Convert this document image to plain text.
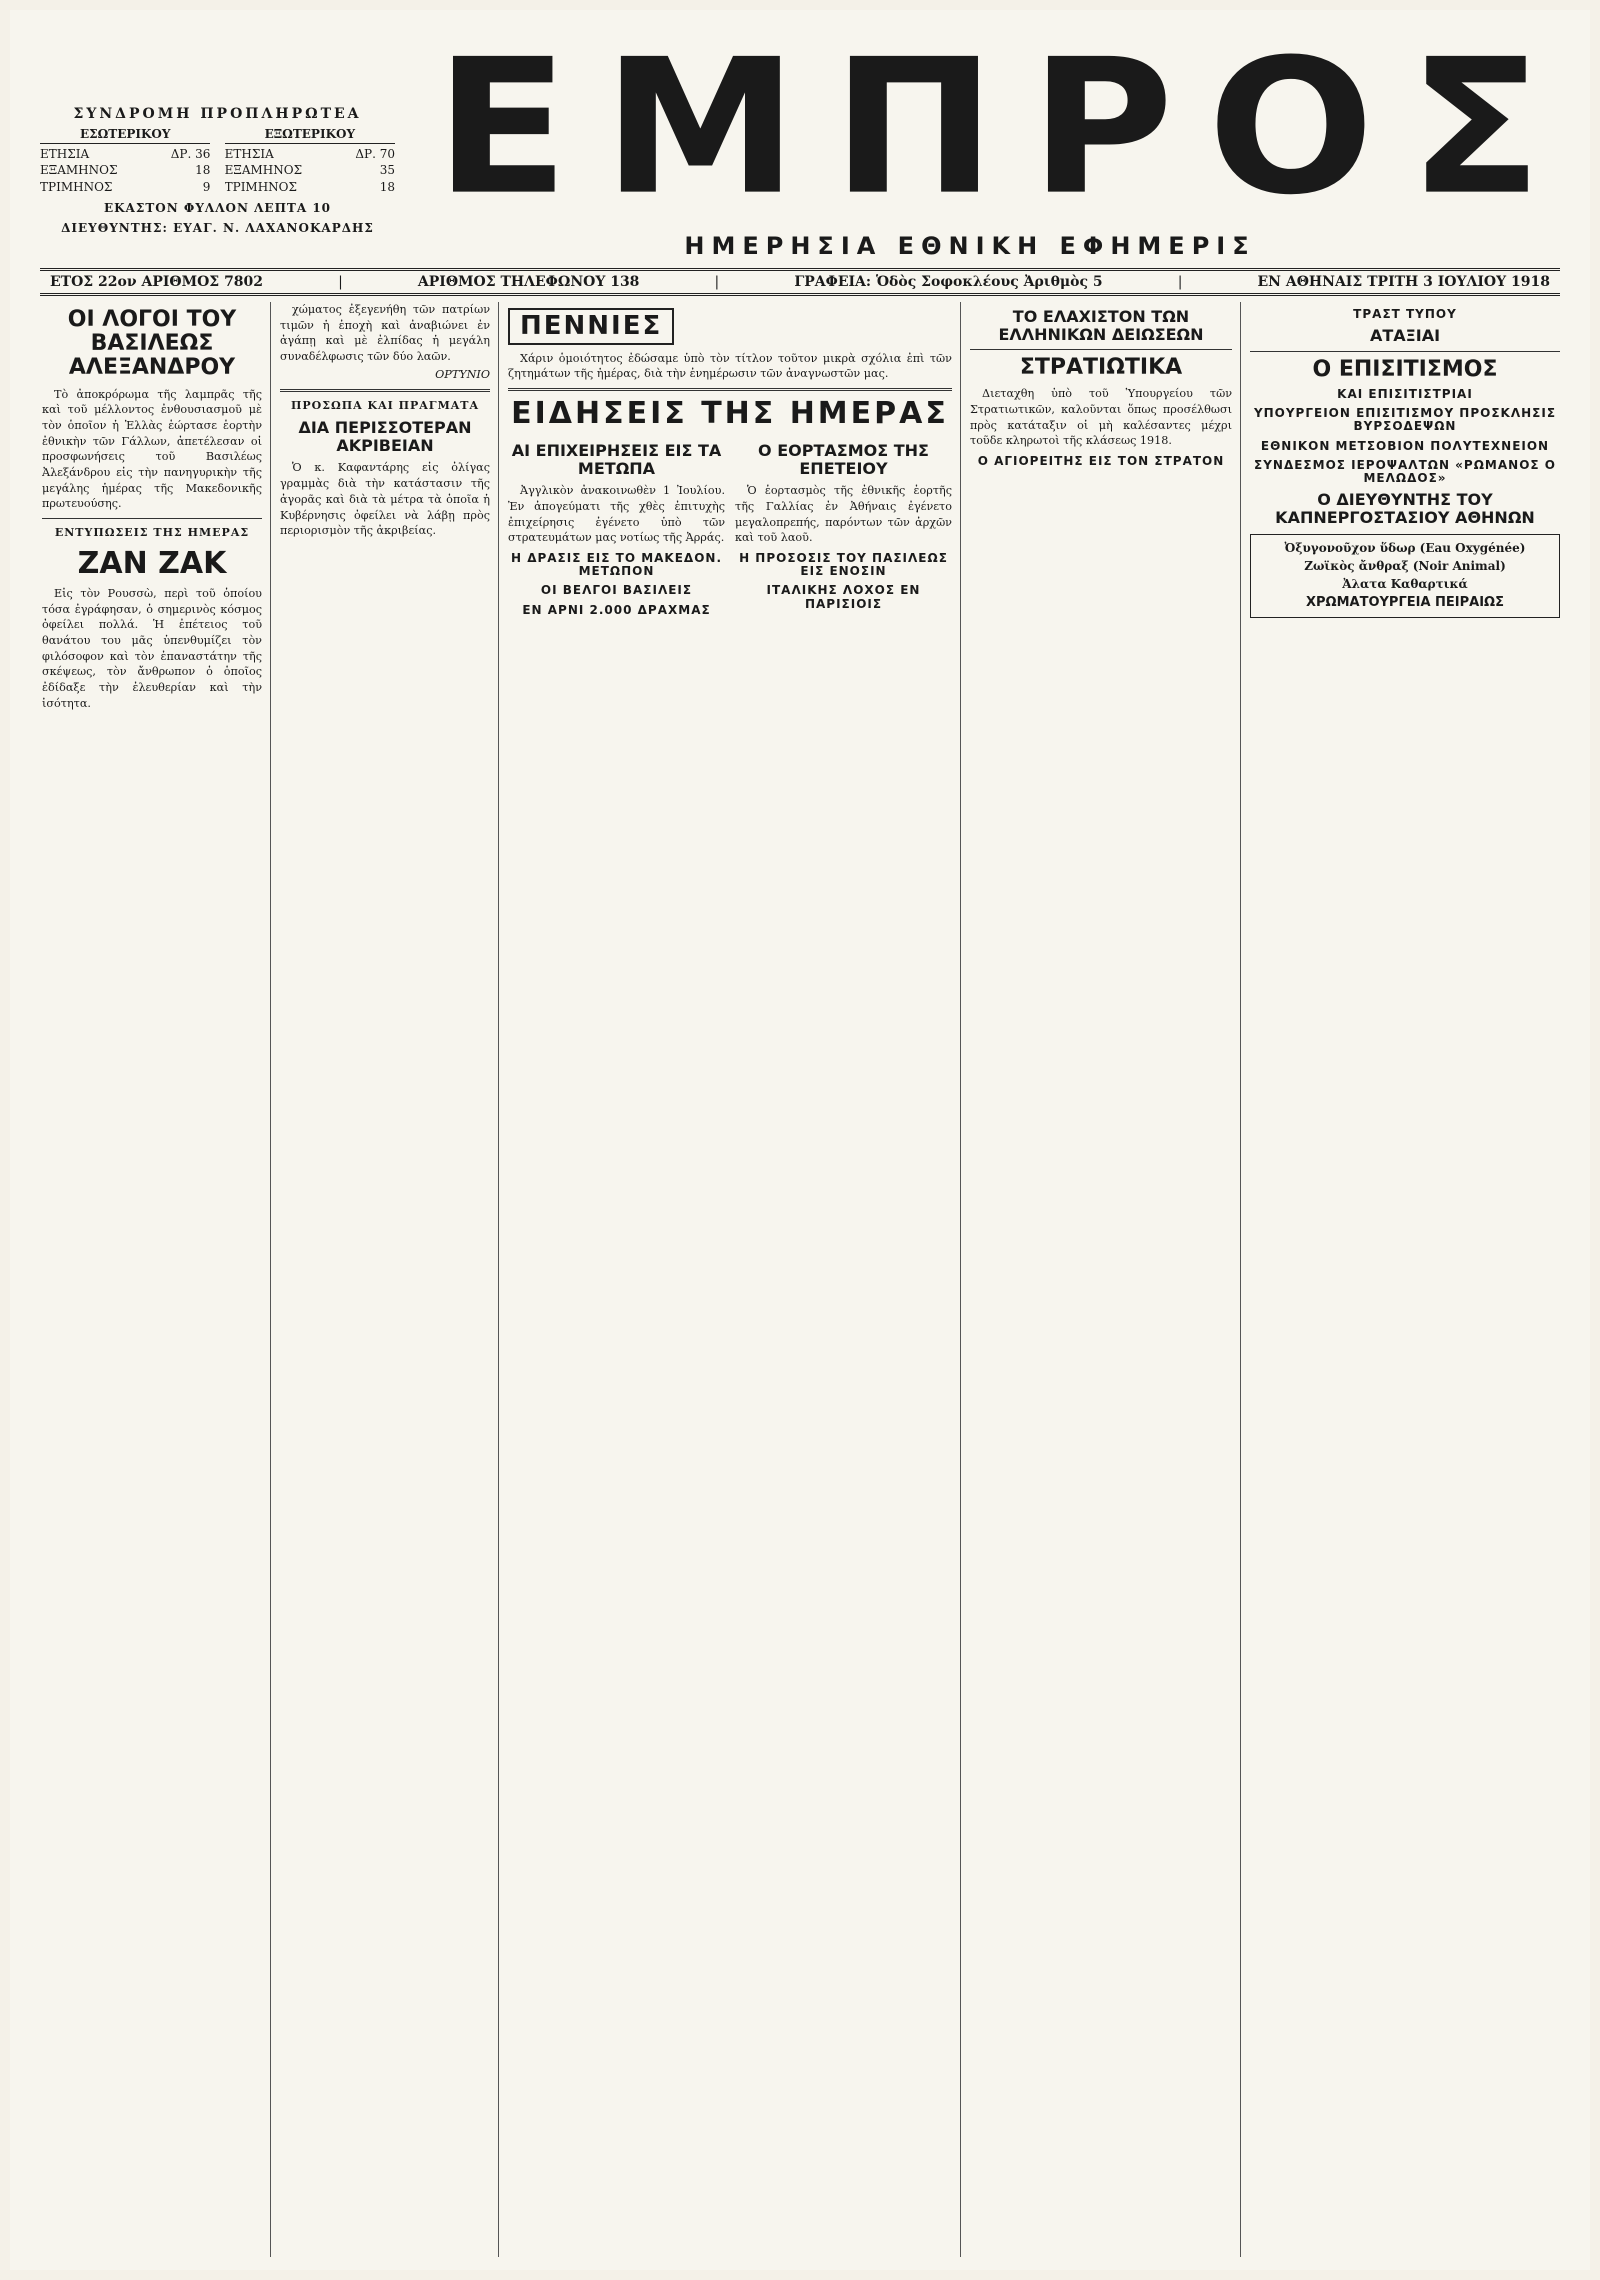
ΣΥΝΔΡΟΜΗ ΠΡΟΠΛΗΡΩΤΕΑ
ΕΣΩΤΕΡΙΚΟΥ
ΕΤΗΣΙΑ	ΔΡ. 36
ΕΞΑΜΗΝΟΣ	18
ΤΡΙΜΗΝΟΣ	9
ΕΞΩΤΕΡΙΚΟΥ
ΕΤΗΣΙΑ	ΔΡ. 70
ΕΞΑΜΗΝΟΣ	35
ΤΡΙΜΗΝΟΣ	18
ΕΚΑΣΤΟΝ ΦΥΛΛΟΝ ΛΕΠΤΑ 10
ΔΙΕΥΘΥΝΤΗΣ: ΕΥΑΓ. Ν. ΛΑΧΑΝΟΚΑΡΔΗΣ ΕΜΠΡΟΣ
ΗΜΕΡΗΣΙΑ ΕΘΝΙΚΗ ΕΦΗΜΕΡΙΣ
ΕΤΟΣ 22ον ΑΡΙΘΜΟΣ 7802	|	ΑΡΙΘΜΟΣ ΤΗΛΕΦΩΝΟΥ 138	|	ΓΡΑΦΕΙΑ: Ὁδὸς Σοφοκλέους Ἀριθμὸς 5	|	ΕΝ ΑΘΗΝΑΙΣ ΤΡΙΤΗ 3 ΙΟΥΛΙΟΥ 1918
ΟΙ ΛΟΓΟΙ ΤΟΥ ΒΑΣΙΛΕΩΣ ΑΛΕΞΑΝΔΡΟΥ

Τὸ ἀποκρόρωμα τῆς λαμπρᾶς τῆς καὶ τοῦ μέλλοντος ἐνθουσιασμοῦ μὲ τὸν ὁποῖον ἡ Ἑλλὰς ἑώρτασε ἑορτὴν ἐθνικὴν τῶν Γάλλων, ἀπετέλεσαν οἱ προσφωνήσεις τοῦ Βασιλέως Ἀλεξάνδρου εἰς τὴν πανηγυρικὴν τῆς μεγάλης ἡμέρας τῆς Μακεδονικῆς πρωτευούσης.

ΕΝΤΥΠΩΣΕΙΣ ΤΗΣ ΗΜΕΡΑΣ
ΖΑΝ ΖΑΚ

Εἰς τὸν Ρουσσὼ, περὶ τοῦ ὁποίου τόσα ἐγράφησαν, ὁ σημερινὸς κόσμος ὀφείλει πολλά. Ἡ ἐπέτειος τοῦ θανάτου του μᾶς ὑπενθυμίζει τὸν φιλόσοφον καὶ τὸν ἐπαναστάτην τῆς σκέψεως, τὸν ἄνθρωπον ὁ ὁποῖος ἐδίδαξε τὴν ἐλευθερίαν καὶ τὴν ἰσότητα.

χώματος ἐξεγενήθη τῶν πατρίων τιμῶν ἡ ἐποχὴ καὶ ἀναβιώνει ἐν ἀγάπῃ καὶ μὲ ἐλπίδας ἡ μεγάλη συναδέλφωσις τῶν δύο λαῶν.

ΟΡΤΥΝΙΟ
ΠΡΟΣΩΠΑ ΚΑΙ ΠΡΑΓΜΑΤΑ
ΔΙΑ ΠΕΡΙΣΣΟΤΕΡΑΝ ΑΚΡΙΒΕΙΑΝ

Ὁ κ. Καφαντάρης εἰς ὀλίγας γραμμὰς διὰ τὴν κατάστασιν τῆς ἀγορᾶς καὶ διὰ τὰ μέτρα τὰ ὁποῖα ἡ Κυβέρνησις ὀφείλει νὰ λάβῃ πρὸς περιορισμὸν τῆς ἀκριβείας.

ΠΕΝΝΙΕΣ

Χάριν ὁμοιότητος ἐδώσαμε ὑπὸ τὸν τίτλον τοῦτον μικρὰ σχόλια ἐπὶ τῶν ζητημάτων τῆς ἡμέρας, διὰ τὴν ἐνημέρωσιν τῶν ἀναγνωστῶν μας.

ΕΙΔΗΣΕΙΣ ΤΗΣ ΗΜΕΡΑΣ
ΑΙ ΕΠΙΧΕΙΡΗΣΕΙΣ ΕΙΣ ΤΑ ΜΕΤΩΠΑ

Ἀγγλικὸν ἀνακοινωθὲν 1 Ἰουλίου. Ἐν ἀπογεύματι τῆς χθὲς ἐπιτυχὴς ἐπιχείρησις ἐγένετο ὑπὸ τῶν στρατευμάτων μας νοτίως τῆς Ἀρράς.

Η ΔΡΑΣΙΣ ΕΙΣ ΤΟ ΜΑΚΕΔΟΝ. ΜΕΤΩΠΟΝ
ΟΙ ΒΕΛΓΟΙ ΒΑΣΙΛΕΙΣ
ΕΝ ΑΡΝΙ 2.000 ΔΡΑΧΜΑΣ
Ο ΕΟΡΤΑΣΜΟΣ ΤΗΣ ΕΠΕΤΕΙΟΥ

Ὁ ἑορτασμὸς τῆς ἐθνικῆς ἑορτῆς τῆς Γαλλίας ἐν Ἀθήναις ἐγένετο μεγαλοπρεπής, παρόντων τῶν ἀρχῶν καὶ τοῦ λαοῦ.

Η ΠΡΟΣΟΣΙΣ ΤΟΥ ΠΑΣΙΛΕΩΣ ΕΙΣ ΕΝΟΣΙΝ
ΙΤΑΛΙΚΗΣ ΛΟΧΟΣ ΕΝ ΠΑΡΙΣΙΟΙΣ
ΤΟ ΕΛΑΧΙΣΤΟΝ ΤΩΝ ΕΛΛΗΝΙΚΩΝ ΔΕΙΩΣΕΩΝ
ΣΤΡΑΤΙΩΤΙΚΑ

Διεταχθη ὑπὸ τοῦ Ὑπουργείου τῶν Στρατιωτικῶν, καλοῦνται ὅπως προσέλθωσι πρὸς κατάταξιν οἱ μὴ καλέσαντες μέχρι τοῦδε κληρωτοὶ τῆς κλάσεως 1918.

Ο ΑΓΙΟΡΕΙΤΗΣ ΕΙΣ ΤΟΝ ΣΤΡΑΤΟΝ
ΤΡΑΣΤ ΤΥΠΟΥ
ΑΤΑΞΙΑΙ
Ο ΕΠΙΣΙΤΙΣΜΟΣ
ΚΑΙ ΕΠΙΣΙΤΙΣΤΡΙΑΙ
ΥΠΟΥΡΓΕΙΟΝ ΕΠΙΣΙΤΙΣΜΟΥ ΠΡΟΣΚΛΗΣΙΣ ΒΥΡΣΟΔΕΨΩΝ
ΕΘΝΙΚΟΝ ΜΕΤΣΟΒΙΟΝ ΠΟΛΥΤΕΧΝΕΙΟΝ
ΣΥΝΔΕΣΜΟΣ ΙΕΡΟΨΑΛΤΩΝ «ΡΩΜΑΝΟΣ Ο ΜΕΛΩΔΟΣ»
Ο ΔΙΕΥΘΥΝΤΗΣ ΤΟΥ ΚΑΠΝΕΡΓΟΣΤΑΣΙΟΥ ΑΘΗΝΩΝ
Ὀξυγονοῦχον ὕδωρ (Eau Oxygénée)
Ζωϊκὸς ἄνθραξ (Noir Animal)
Ἀλατα Καθαρτικά
ΧΡΩΜΑΤΟΥΡΓΕΙΑ ΠΕΙΡΑΙΩΣ
